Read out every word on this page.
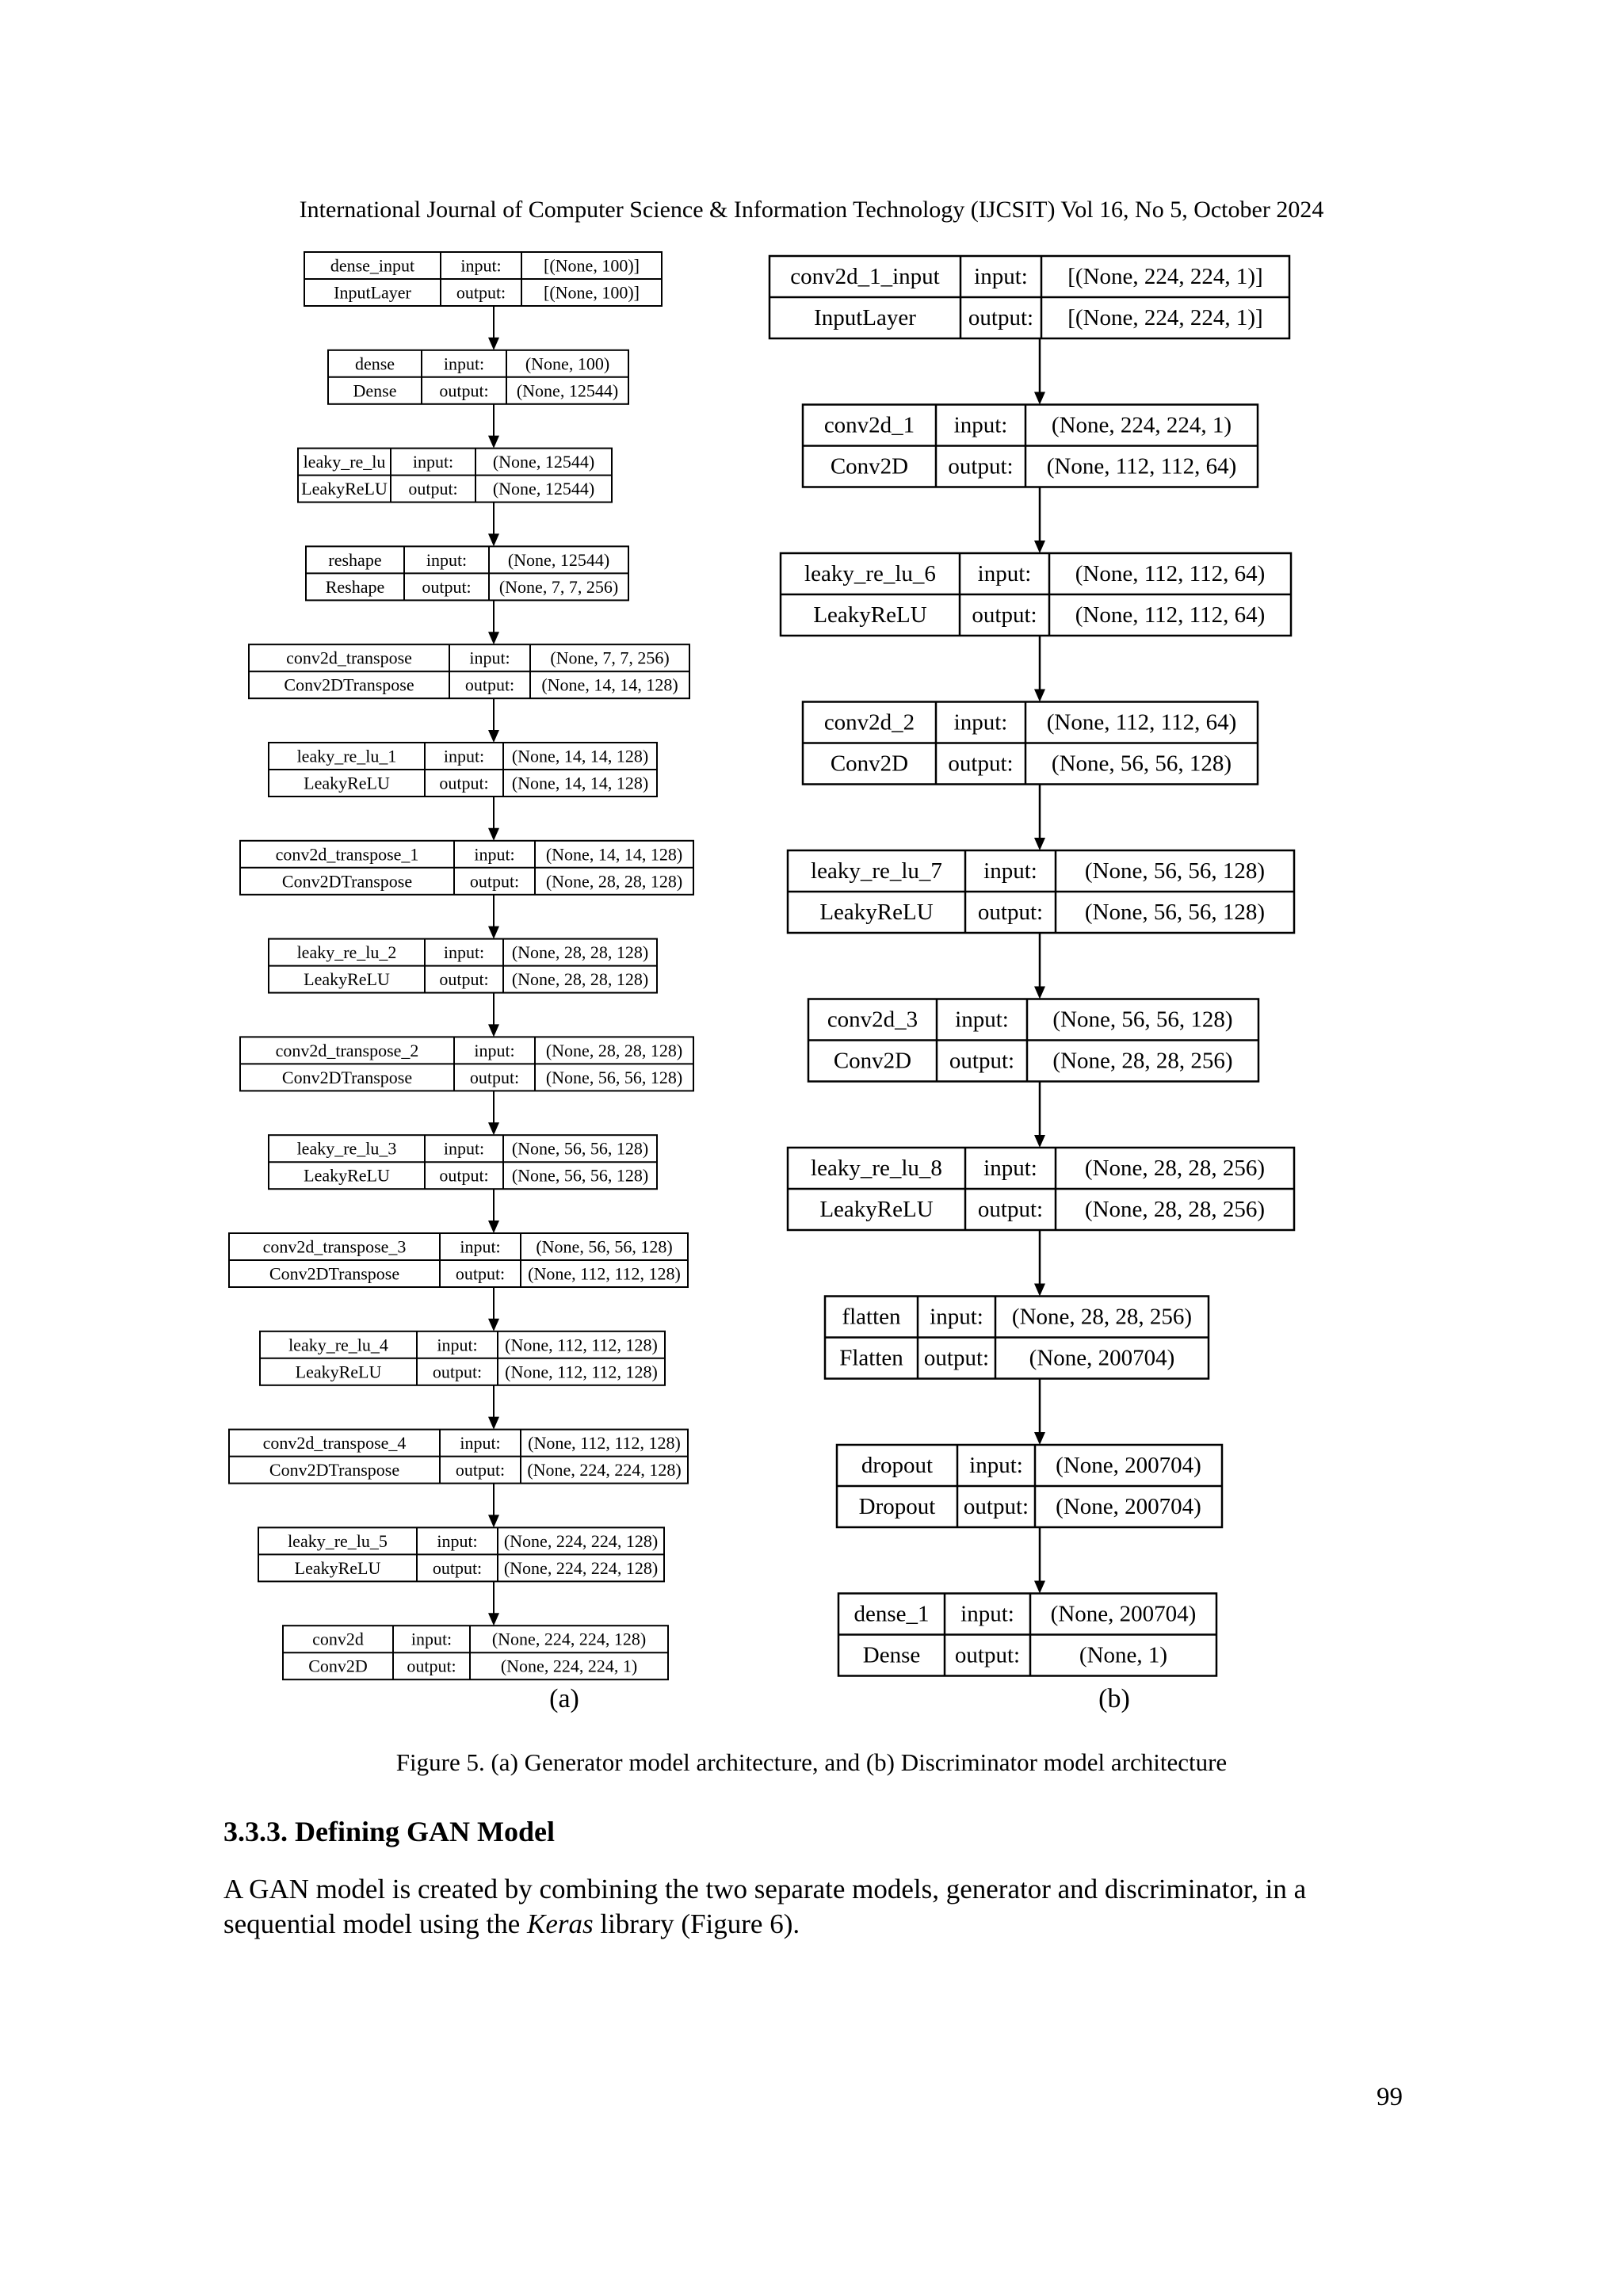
International Journal of Computer Science & Information Technology (IJCSIT) Vol 16, No 5, October 2024
dense_input
InputLayer
input:
output:
[(None, 100)]
[(None, 100)]
dense
Dense
input:
output:
(None, 100)
(None, 12544)
leaky_re_lu
LeakyReLU
input:
output:
(None, 12544)
(None, 12544)
reshape
Reshape
input:
output:
(None, 12544)
(None, 7, 7, 256)
conv2d_transpose
Conv2DTranspose
input:
output:
(None, 7, 7, 256)
(None, 14, 14, 128)
leaky_re_lu_1
LeakyReLU
input:
output:
(None, 14, 14, 128)
(None, 14, 14, 128)
conv2d_transpose_1
Conv2DTranspose
input:
output:
(None, 14, 14, 128)
(None, 28, 28, 128)
leaky_re_lu_2
LeakyReLU
input:
output:
(None, 28, 28, 128)
(None, 28, 28, 128)
conv2d_transpose_2
Conv2DTranspose
input:
output:
(None, 28, 28, 128)
(None, 56, 56, 128)
leaky_re_lu_3
LeakyReLU
input:
output:
(None, 56, 56, 128)
(None, 56, 56, 128)
conv2d_transpose_3
Conv2DTranspose
input:
output:
(None, 56, 56, 128)
(None, 112, 112, 128)
leaky_re_lu_4
LeakyReLU
input:
output:
(None, 112, 112, 128)
(None, 112, 112, 128)
conv2d_transpose_4
Conv2DTranspose
input:
output:
(None, 112, 112, 128)
(None, 224, 224, 128)
leaky_re_lu_5
LeakyReLU
input:
output:
(None, 224, 224, 128)
(None, 224, 224, 128)
conv2d
Conv2D
input:
output:
(None, 224, 224, 128)
(None, 224, 224, 1)
conv2d_1_input
InputLayer
input:
output:
[(None, 224, 224, 1)]
[(None, 224, 224, 1)]
conv2d_1
Conv2D
input:
output:
(None, 224, 224, 1)
(None, 112, 112, 64)
leaky_re_lu_6
LeakyReLU
input:
output:
(None, 112, 112, 64)
(None, 112, 112, 64)
conv2d_2
Conv2D
input:
output:
(None, 112, 112, 64)
(None, 56, 56, 128)
leaky_re_lu_7
LeakyReLU
input:
output:
(None, 56, 56, 128)
(None, 56, 56, 128)
conv2d_3
Conv2D
input:
output:
(None, 56, 56, 128)
(None, 28, 28, 256)
leaky_re_lu_8
LeakyReLU
input:
output:
(None, 28, 28, 256)
(None, 28, 28, 256)
flatten
Flatten
input:
output:
(None, 28, 28, 256)
(None, 200704)
dropout
Dropout
input:
output:
(None, 200704)
(None, 200704)
dense_1
Dense
input:
output:
(None, 200704)
(None, 1)
(a)	(b)
Figure 5. (a) Generator model architecture, and (b) Discriminator model architecture
3.3.3. Defining GAN Model
A GAN model is created by combining the two separate models, generator and discriminator, in a sequential model using the Keras library (Figure 6).
99
